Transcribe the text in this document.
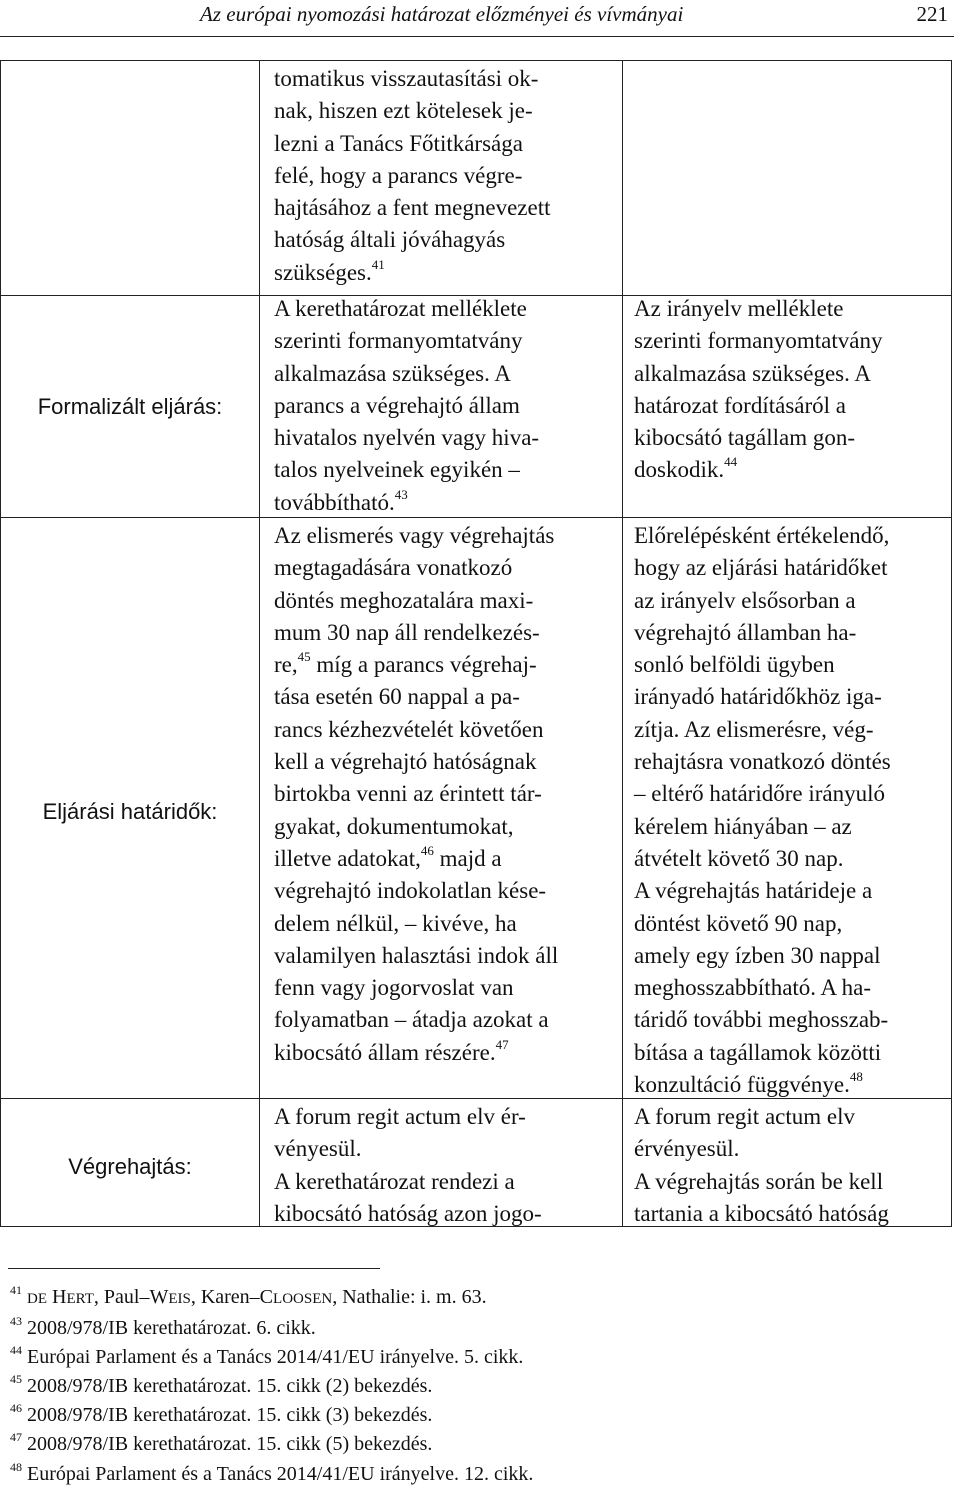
Az európai nyomozási határozat előzményei és vívmányai	221
Formalizált eljárás:
Eljárási határidők:
Végrehajtás:
tomatikus visszautasítási ok-
nak, hiszen ezt kötelesek je-
lezni a Tanács Főtitkársága
felé, hogy a parancs végre-
hajtásához a fent megnevezett
hatóság általi jóváhagyás
szükséges.$^{41}$
A kerethatározat melléklete
szerinti formanyomtatvány
alkalmazása szükséges. A
parancs a végrehajtó állam
hivatalos nyelvén vagy hiva-
talos nyelveinek egyikén –
továbbítható.$^{43}$
Az elismerés vagy végrehajtás
megtagadására vonatkozó
döntés meghozatalára maxi-
mum 30 nap áll rendelkezés-
re,$^{45}$ míg a parancs végrehaj-
tása esetén 60 nappal a pa-
rancs kézhezvételét követően
kell a végrehajtó hatóságnak
birtokba venni az érintett tár-
gyakat, dokumentumokat,
illetve adatokat,$^{46}$ majd a
végrehajtó indokolatlan kése-
delem nélkül, – kivéve, ha
valamilyen halasztási indok áll
fenn vagy jogorvoslat van
folyamatban – átadja azokat a
kibocsátó állam részére.$^{47}$
A forum regit actum elv ér-
vényesül.
A kerethatározat rendezi a
kibocsátó hatóság azon jogo-
Az irányelv melléklete
szerinti formanyomtatvány
alkalmazása szükséges. A
határozat fordításáról a
kibocsátó tagállam gon-
doskodik.$^{44}$
Előrelépésként értékelendő,
hogy az eljárási határidőket
az irányelv elsősorban a
végrehajtó államban ha-
sonló belföldi ügyben
irányadó határidőkhöz iga-
zítja. Az elismerésre, vég-
rehajtásra vonatkozó döntés
– eltérő határidőre irányuló
kérelem hiányában – az
átvételt követő 30 nap.
A végrehajtás határideje a
döntést követő 90 nap,
amely egy ízben 30 nappal
meghosszabbítható. A ha-
táridő további meghosszab-
bítása a tagállamok közötti
konzultáció függvénye.$^{48}$
A forum regit actum elv
érvényesül.
A végrehajtás során be kell
tartania a kibocsátó hatóság
$^{41}$ DE HERT, Paul–WEIS, Karen–CLOOSEN, Nathalie: i. m. 63.
$^{43}$ 2008/978/IB kerethatározat. 6. cikk.
$^{44}$ Európai Parlament és a Tanács 2014/41/EU irányelve. 5. cikk.
$^{45}$ 2008/978/IB kerethatározat. 15. cikk (2) bekezdés.
$^{46}$ 2008/978/IB kerethatározat. 15. cikk (3) bekezdés.
$^{47}$ 2008/978/IB kerethatározat. 15. cikk (5) bekezdés.
$^{48}$ Európai Parlament és a Tanács 2014/41/EU irányelve. 12. cikk.
